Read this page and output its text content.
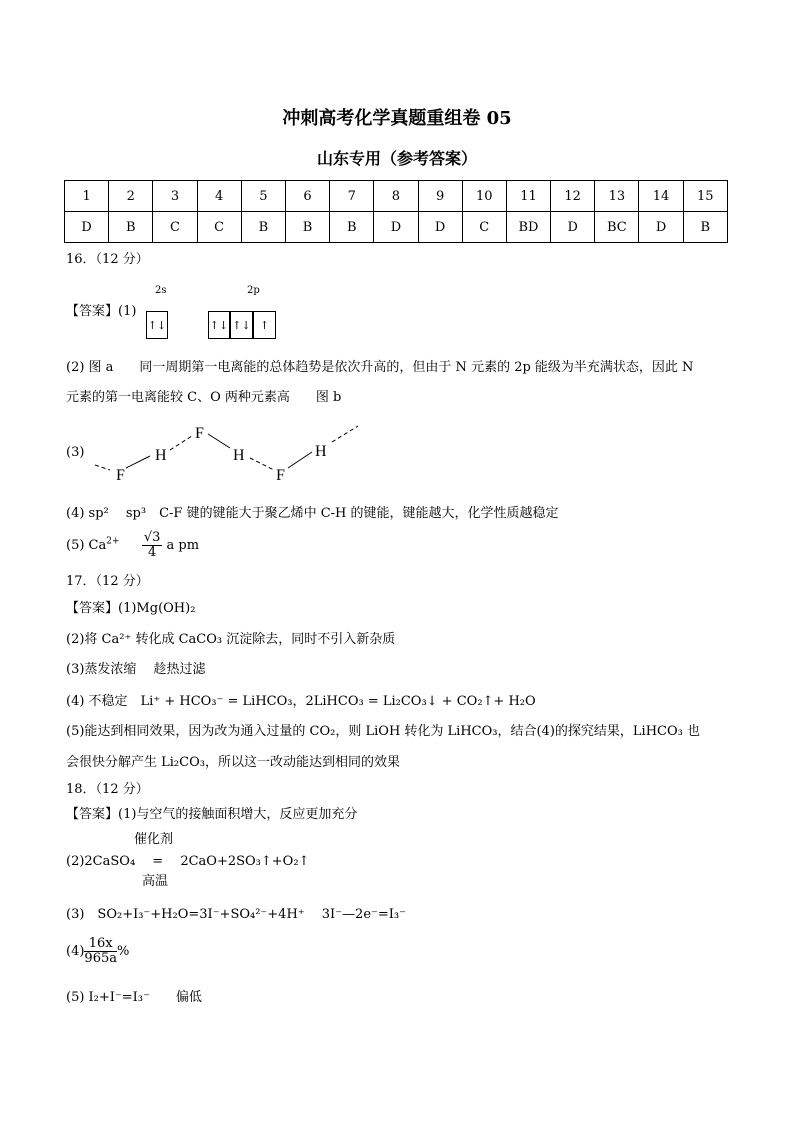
冲刺高考化学真题重组卷 05
山东专用（参考答案）
1	2	3	4	5	6	7	8	9	10	11	12	13	14	15
D	B	C	C	B	B	B	D	D	C	BD	D	BC	D	B
16．（12 分）
【答案】(1)
2s	2p
↑↓	↑↓ ↑↓ ↑
(2) 图 a　　同一周期第一电离能的总体趋势是依次升高的，但由于 N 元素的 2p 能级为半充满状态，因此 N
元素的第一电离能较 C、O 两种元素高　　图 b
(3)
F
H
F
H
F
H
(4) sp²　 sp³　C-F 键的键能大于聚乙烯中 C-H 的键能，键能越大，化学性质越稳定
(5) $Ca^{2+} \frac{√3}{4}$ a pm
17．（12 分）
【答案】(1)Mg(OH)₂
(2)将 Ca²⁺ 转化成 CaCO₃ 沉淀除去，同时不引入新杂质
(3)蒸发浓缩　 趁热过滤
(4) 不稳定　Li⁺ + HCO₃⁻ = LiHCO₃，2LiHCO₃ = Li₂CO₃↓ + CO₂↑+ H₂O
(5)能达到相同效果，因为改为通入过量的 CO₂，则 LiOH 转化为 LiHCO₃，结合(4)的探究结果，LiHCO₃ 也
会很快分解产生 Li₂CO₃，所以这一改动能达到相同的效果
18．（12 分）
【答案】(1)与空气的接触面积增大，反应更加充分
催化剂
(2)2CaSO₄　 =　 2CaO+2SO₃↑+O₂↑
高温
(3)　SO₂+I₃⁻+H₂O=3I⁻+SO₄²⁻+4H⁺　 3I⁻—2e⁻=I₃⁻
$(4) \frac{16x}{965a}$ %
(5) I₂+I⁻=I₃⁻　　偏低
